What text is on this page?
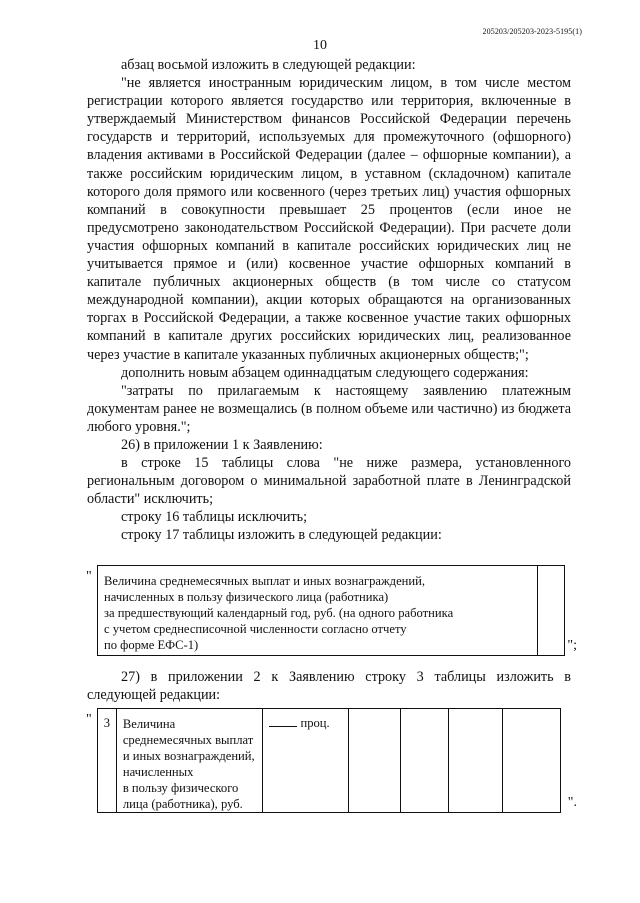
205203/205203-2023-5195(1)
10

абзац восьмой изложить в следующей редакции:

"не является иностранным юридическим лицом, в том числе местом регистрации которого является государство или территория, включенные в утверждаемый Министерством финансов Российской Федерации перечень государств и территорий, используемых для промежуточного (офшорного) владения активами в Российской Федерации (далее – офшорные компании), а также российским юридическим лицом, в уставном (складочном) капитале которого доля прямого или косвенного (через третьих лиц) участия офшорных компаний в совокупности превышает 25 процентов (если иное не предусмотрено законодательством Российской Федерации). При расчете доли участия офшорных компаний в капитале российских юридических лиц не учитывается прямое и (или) косвенное участие офшорных компаний в капитале публичных акционерных обществ (в том числе со статусом международной компании), акции которых обращаются на организованных торгах в Российской Федерации, а также косвенное участие таких офшорных компаний в капитале других российских юридических лиц, реализованное через участие в капитале указанных публичных акционерных обществ;";

дополнить новым абзацем одиннадцатым следующего содержания:

"затраты по прилагаемым к настоящему заявлению платежным документам ранее не возмещались (в полном объеме или частично) из бюджета любого уровня.";

26) в приложении 1 к Заявлению:

в строке 15 таблицы слова "не ниже размера, установленного региональным договором о минимальной заработной плате в Ленинградской области" исключить;

строку 16 таблицы исключить;

строку 17 таблицы изложить в следующей редакции:

" Величина среднемесячных выплат и иных вознаграждений,
начисленных в пользу физического лица (работника)
за предшествующий календарный год, руб. (на одного работника
с учетом среднесписочной численности согласно отчету
по форме ЕФС-1)
		";

27) в приложении 2 к Заявлению строку 3 таблицы изложить в следующей редакции:

" 3	Величина
среднемесячных выплат
и иных вознаграждений,
начисленных
в пользу физического
лица (работника), руб.
	проц.				
".
